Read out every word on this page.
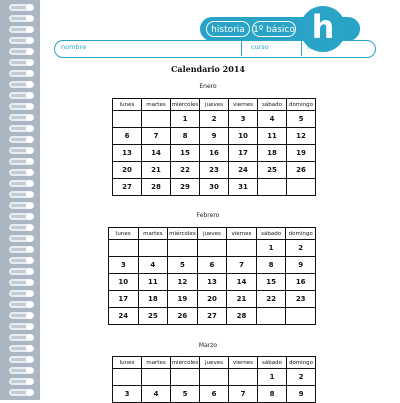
historia 1º básico h
nombre	curso	fecha
Calendario 2014
Enero
lunes	martes	miércoles	jueves	viernes	sábado	domingo
		1	2	3	4	5
6	7	8	9	10	11	12
13	14	15	16	17	18	19
20	21	22	23	24	25	26
27	28	29	30	31		
Febrero
lunes	martes	miércoles	jueves	viernes	sábado	domingo
					1	2
3	4	5	6	7	8	9
10	11	12	13	14	15	16
17	18	19	20	21	22	23
24	25	26	27	28		
Marzo
lunes	martes	miércoles	jueves	viernes	sábado	domingo
					1	2
3	4	5	6	7	8	9
